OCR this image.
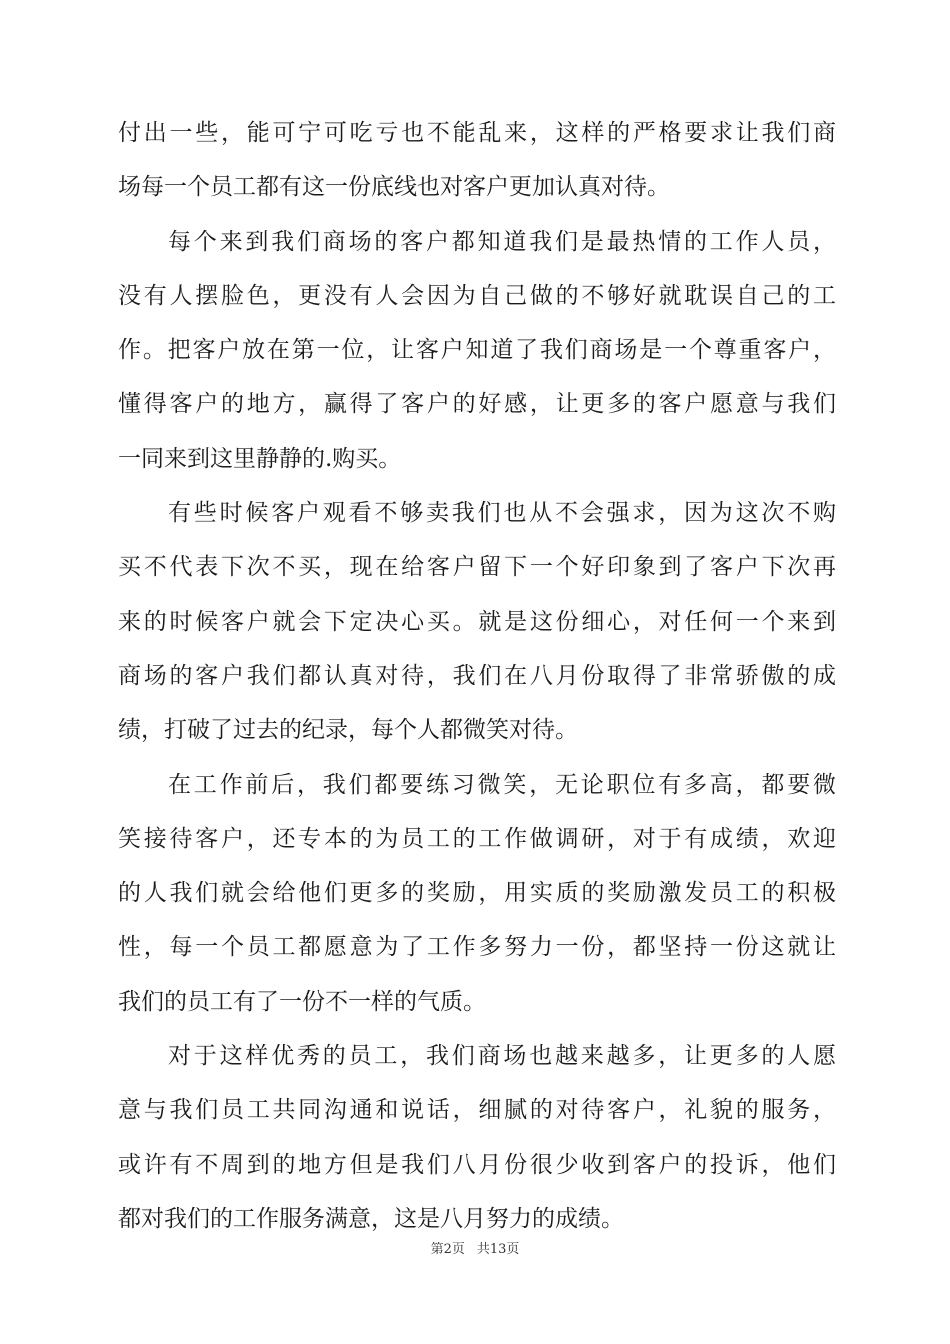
付出一些，能可宁可吃亏也不能乱来，这样的严格要求让我们商
场每一个员工都有这一份底线也对客户更加认真对待。
每个来到我们商场的客户都知道我们是最热情的工作人员，
没有人摆脸色，更没有人会因为自己做的不够好就耽误自己的工
作。把客户放在第一位，让客户知道了我们商场是一个尊重客户，
懂得客户的地方，赢得了客户的好感，让更多的客户愿意与我们
一同来到这里静静的.购买。
有些时候客户观看不够卖我们也从不会强求，因为这次不购
买不代表下次不买，现在给客户留下一个好印象到了客户下次再
来的时候客户就会下定决心买。就是这份细心，对任何一个来到
商场的客户我们都认真对待，我们在八月份取得了非常骄傲的成
绩，打破了过去的纪录，每个人都微笑对待。
在工作前后，我们都要练习微笑，无论职位有多高，都要微
笑接待客户，还专本的为员工的工作做调研，对于有成绩，欢迎
的人我们就会给他们更多的奖励，用实质的奖励激发员工的积极
性，每一个员工都愿意为了工作多努力一份，都坚持一份这就让
我们的员工有了一份不一样的气质。
对于这样优秀的员工，我们商场也越来越多，让更多的人愿
意与我们员工共同沟通和说话，细腻的对待客户，礼貌的服务，
或许有不周到的地方但是我们八月份很少收到客户的投诉，他们
都对我们的工作服务满意，这是八月努力的成绩。
第2页 共13页
